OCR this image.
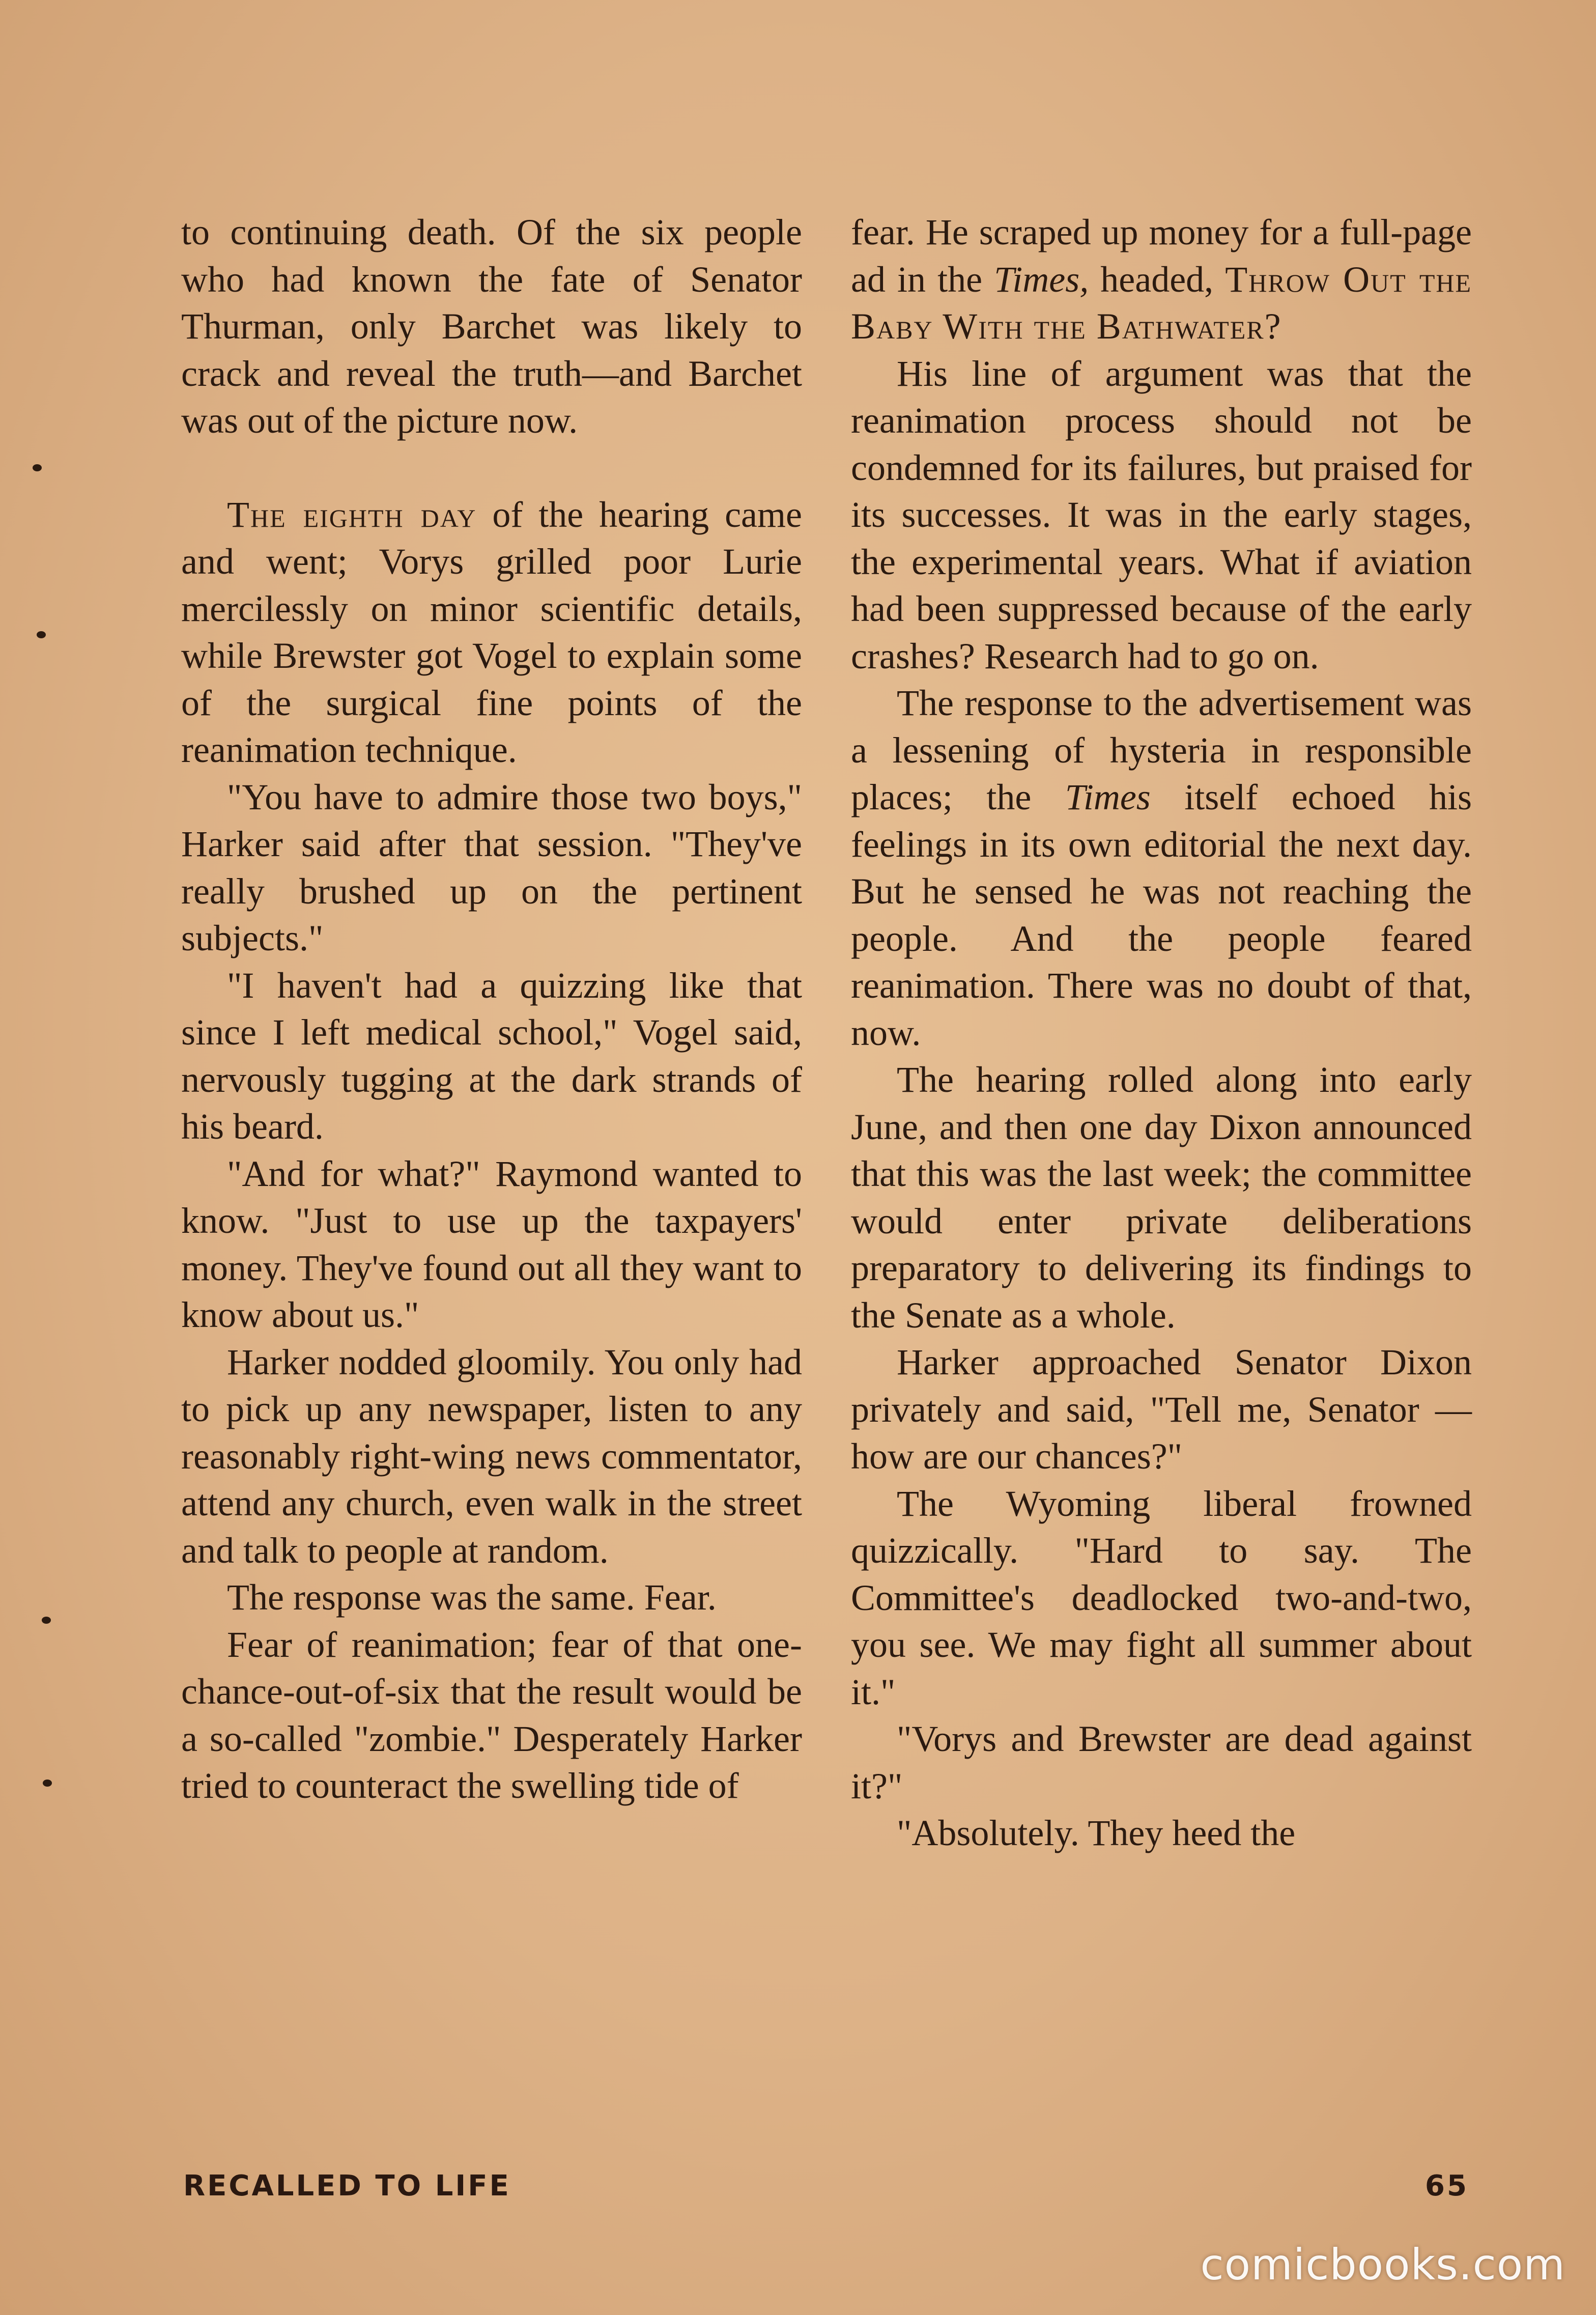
to continuing death. Of the six people who had known the fate of Senator Thurman, only Barchet was likely to crack and reveal the truth—and Barchet was out of the picture now.

The eighth day of the hearing came and went; Vorys grilled poor Lurie mercilessly on minor scientific details, while Brewster got Vogel to explain some of the surgical fine points of the reanimation technique.

"You have to admire those two boys," Harker said after that session. "They've really brushed up on the pertinent subjects."

"I haven't had a quizzing like that since I left medical school," Vogel said, nervously tugging at the dark strands of his beard.

"And for what?" Raymond wanted to know. "Just to use up the taxpayers' money. They've found out all they want to know about us."

Harker nodded gloomily. You only had to pick up any newspaper, listen to any reasonably right-wing news commentator, attend any church, even walk in the street and talk to people at random.

The response was the same. Fear.

Fear of reanimation; fear of that one-chance-out-of-six that the result would be a so-called "zombie." Desperately Harker tried to counteract the swelling tide of

fear. He scraped up money for a full-page ad in the Times, headed, Throw Out the Baby With the Bathwater?

His line of argument was that the reanimation process should not be condemned for its failures, but praised for its successes. It was in the early stages, the experimental years. What if aviation had been suppressed because of the early crashes? Research had to go on.

The response to the advertisement was a lessening of hysteria in responsible places; the Times itself echoed his feelings in its own editorial the next day. But he sensed he was not reaching the people. And the people feared reanimation. There was no doubt of that, now.

The hearing rolled along into early June, and then one day Dixon announced that this was the last week; the committee would enter private deliberations preparatory to delivering its findings to the Senate as a whole.

Harker approached Senator Dixon privately and said, "Tell me, Senator — how are our chances?"

The Wyoming liberal frowned quizzically. "Hard to say. The Committee's deadlocked two-and-two, you see. We may fight all summer about it."

"Vorys and Brewster are dead against it?"

"Absolutely. They heed the

RECALLED TO LIFE	65
comicbooks.com
